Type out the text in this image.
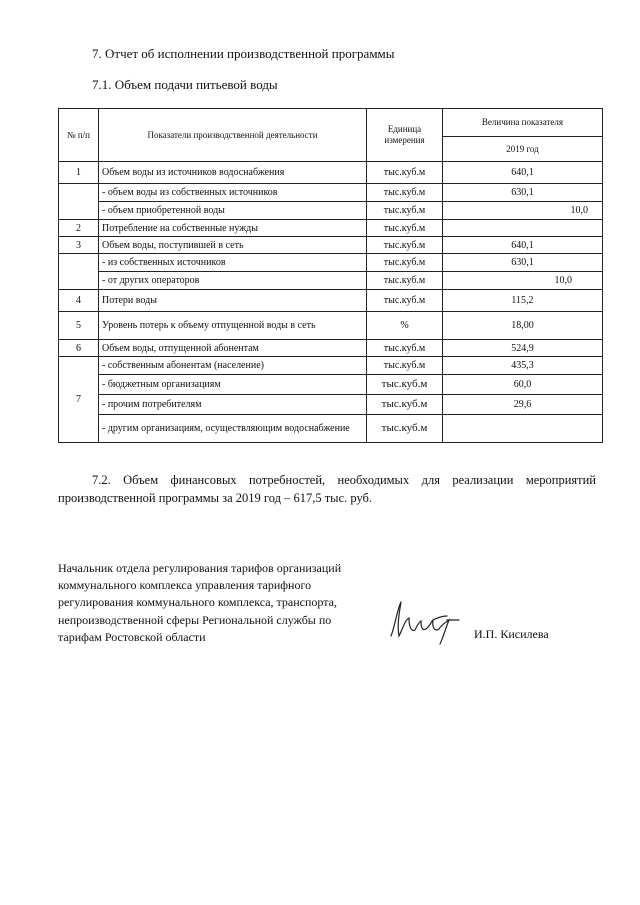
7. Отчет об исполнении производственной программы
7.1. Объем подачи питьевой воды
№ п/п	Показатели производственной деятельности	Единица измерения	Величина показателя
			2019 год
1	Объем воды из источников водоснабжения	тыс.куб.м	640,1
	- объем воды из собственных источников	тыс.куб.м	630,1
	- объем приобретенной воды	тыс.куб.м	10,0
2	Потребление на собственные нужды	тыс.куб.м	
3	Объем воды, поступившей в сеть	тыс.куб.м	640,1
	- из собственных источников	тыс.куб.м	630,1
	- от других операторов	тыс.куб.м	10,0
4	Потери воды	тыс.куб.м	115,2
5	Уровень потерь к объему отпущенной воды в сеть	%	18,00
6	Объем воды, отпущенной абонентам	тыс.куб.м	524,9
7	- собственным абонентам (население)	тыс.куб.м	435,3
	- бюджетным организациям	тыс.куб.м	60,0
	- прочим потребителям	тыс.куб.м	29,6
	- другим организациям, осуществляющим водоснабжение	тыс.куб.м	
7.2. Объем финансовых потребностей, необходимых для реализации мероприятий производственной программы за 2019 год – 617,5 тыс. руб.
Начальник отдела регулирования тарифов организаций
коммунального комплекса управления тарифного
регулирования коммунального комплекса, транспорта,
непроизводственной сферы Региональной службы по
тарифам Ростовской области	И.П. Кисилева
